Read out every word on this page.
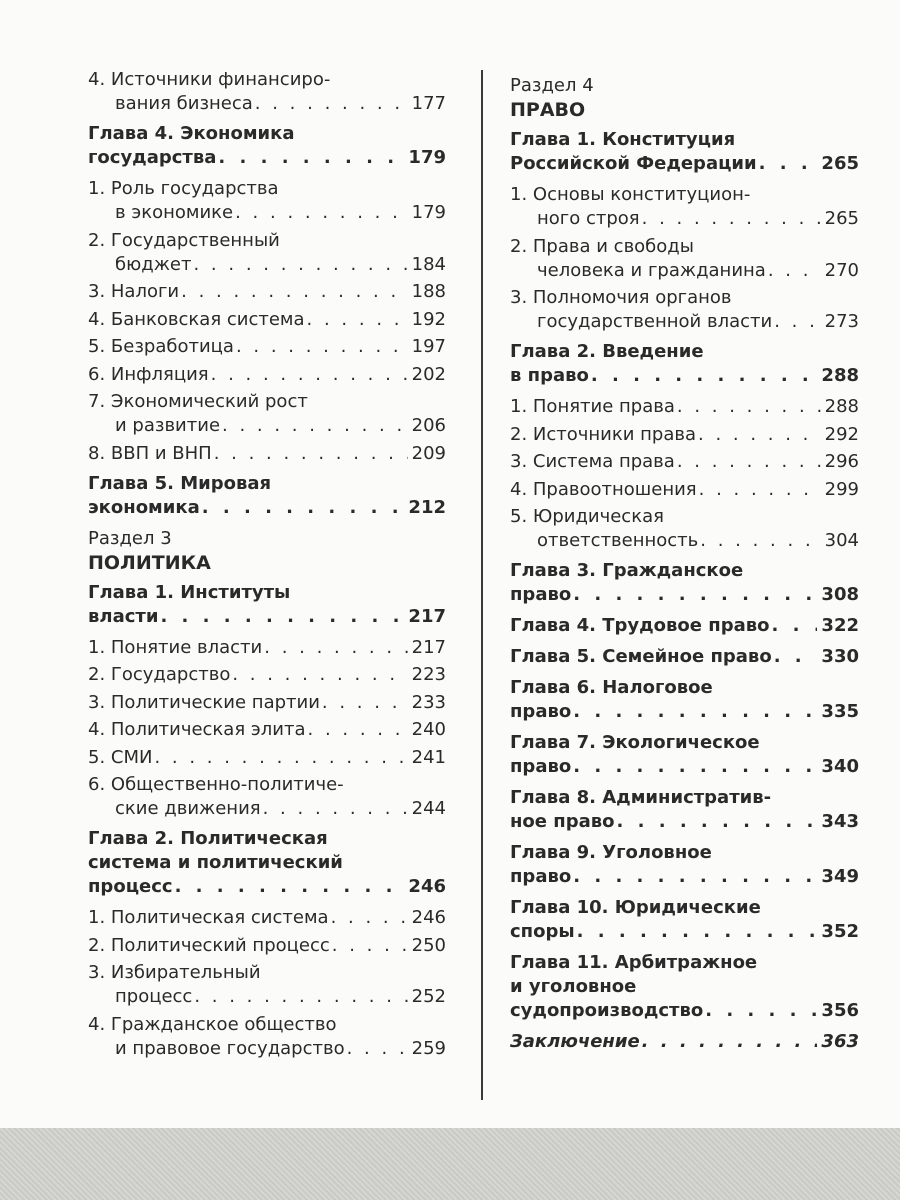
4. Источники финансиро-
вания бизнеса . . .	177
Глава 4. Экономика
государства . . .	179
1. Роль государства
в экономике . . .	179
2. Государственный
бюджет . . .	184
3. Налоги . . .	188
4. Банковская система . . .	192
5. Безработица . . .	197
6. Инфляция . . .	202
7. Экономический рост
и развитие . . .	206
8. ВВП и ВНП . . .	209
Глава 5. Мировая
экономика . . .	212
Раздел 3
ПОЛИТИКА
Глава 1. Институты
власти . . .	217
1. Понятие власти . . .	217
2. Государство . . .	223
3. Политические партии . . .	233
4. Политическая элита . . .	240
5. СМИ . . .	241
6. Общественно-политиче-
ские движения . . .	244
Глава 2. Политическая
система и политический
процесс . . .	246
1. Политическая система . . .	246
2. Политический процесс . . .	250
3. Избирательный
процесс . . .	252
4. Гражданское общество
и правовое государство . . .	259
Раздел 4
ПРАВО
Глава 1. Конституция
Российской Федерации . . .	265
1. Основы конституцион-
ного строя . . .	265
2. Права и свободы
человека и гражданина . . .	270
3. Полномочия органов
государственной власти . . .	273
Глава 2. Введение
в право . . .	288
1. Понятие права . . .	288
2. Источники права . . .	292
3. Система права . . .	296
4. Правоотношения . . .	299
5. Юридическая
ответственность . . .	304
Глава 3. Гражданское
право . . .	308
Глава 4. Трудовое право . . .	322
Глава 5. Семейное право . . .	330
Глава 6. Налоговое
право . . .	335
Глава 7. Экологическое
право . . .	340
Глава 8. Административ-
ное право . . .	343
Глава 9. Уголовное
право . . .	349
Глава 10. Юридические
споры . . .	352
Глава 11. Арбитражное
и уголовное
судопроизводство . . .	356
Заключение . . .	363
